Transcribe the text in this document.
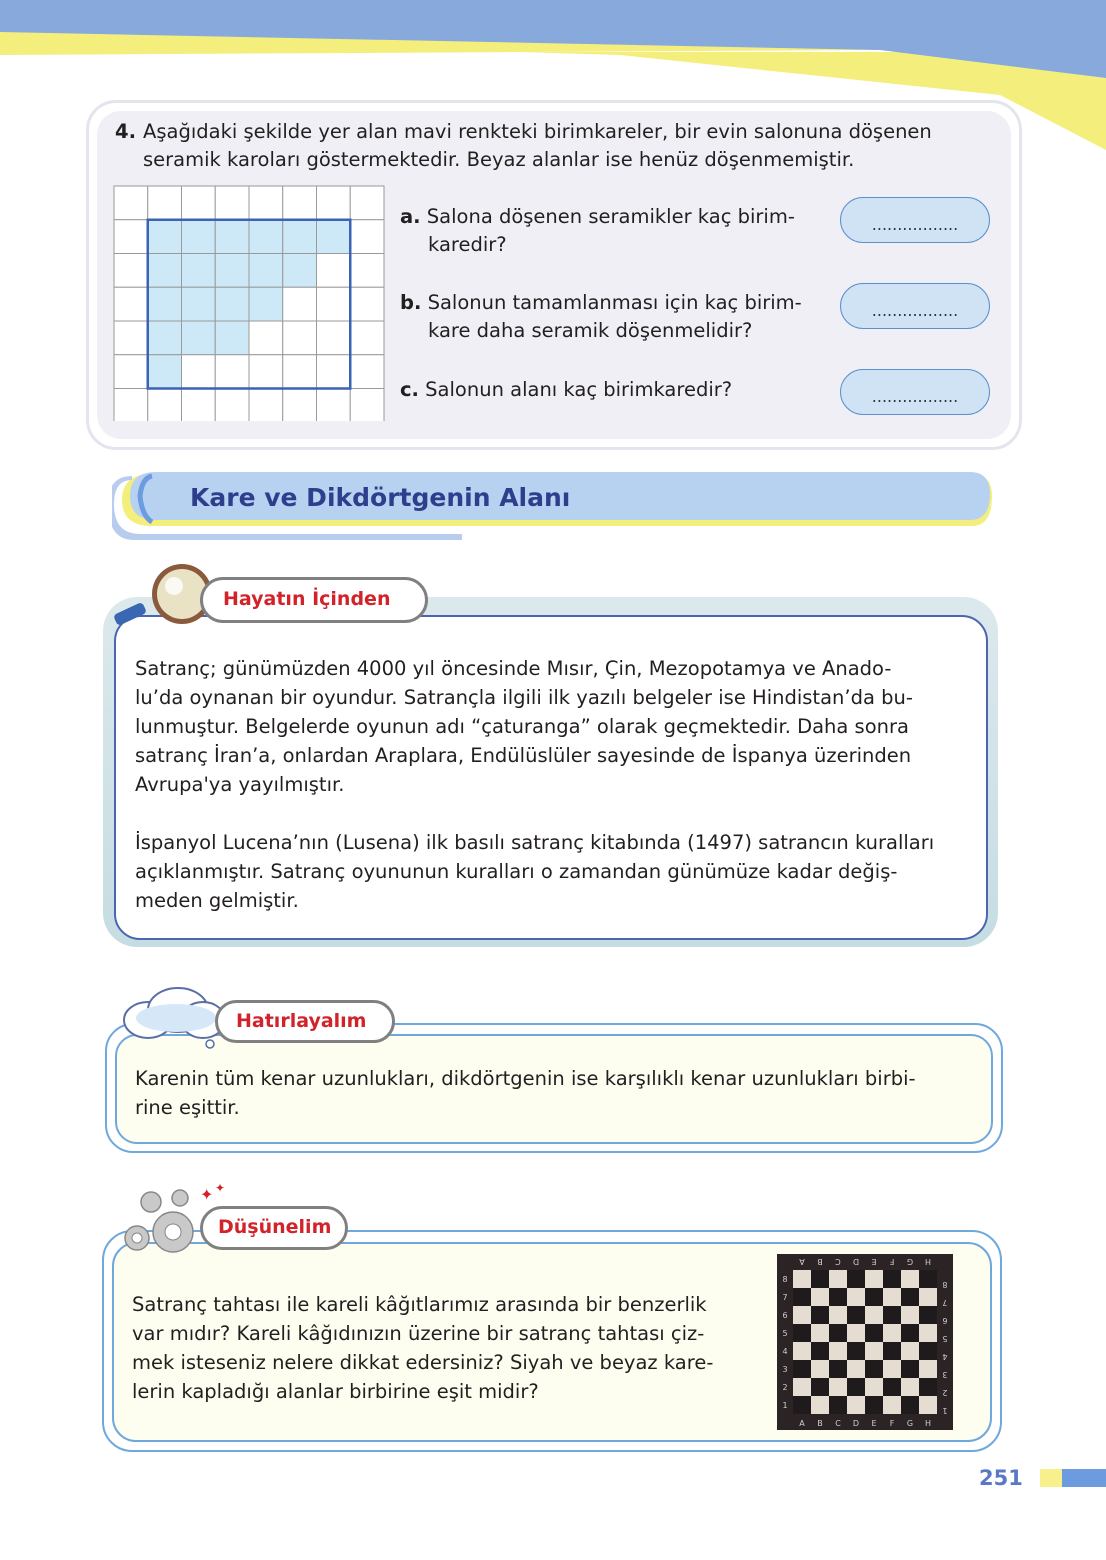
4. Aşağıdaki şekilde yer alan mavi renkteki birimkareler, bir evin salonuna döşenen
seramik karoları göstermektedir. Beyaz alanlar ise henüz döşenmemiştir.
a. Salona döşenen seramikler kaç birim-
karedir?
.................
b. Salonun tamamlanması için kaç birim-
kare daha seramik döşenmelidir?
.................
c. Salonun alanı kaç birimkaredir?	.................
Kare ve Dikdörtgenin Alanı
Hayatın İçinden
Satranç; günümüzden 4000 yıl öncesinde Mısır, Çin, Mezopotamya ve Anado-
lu’da oynanan bir oyundur. Satrançla ilgili ilk yazılı belgeler ise Hindistan’da bu-
lunmuştur. Belgelerde oyunun adı “çaturanga” olarak geçmektedir. Daha sonra
satranç İran’a, onlardan Araplara, Endülüslüler sayesinde de İspanya üzerinden
Avrupa'ya yayılmıştır.
İspanyol Lucena’nın (Lusena) ilk basılı satranç kitabında (1497) satrancın kuralları
açıklanmıştır. Satranç oyununun kuralları o zamandan günümüze kadar değiş-
meden gelmiştir.
Hatırlayalım
Karenin tüm kenar uzunlukları, dikdörtgenin ise karşılıklı kenar uzunlukları birbi-
rine eşittir.
✦ ✦
Düşünelim
Satranç tahtası ile kareli kâğıtlarımız arasında bir benzerlik
var mıdır? Kareli kâğıdınızın üzerine bir satranç tahtası çiz-
mek isteseniz nelere dikkat edersiniz? Siyah ve beyaz kare-
lerin kapladığı alanlar birbirine eşit midir?
A
A
B
B
C
C
D
D
E
E
F
F
G
G
H
H
8
8
7
7
6
6
5
5
4
4
3
3
2
2
1
1
251
